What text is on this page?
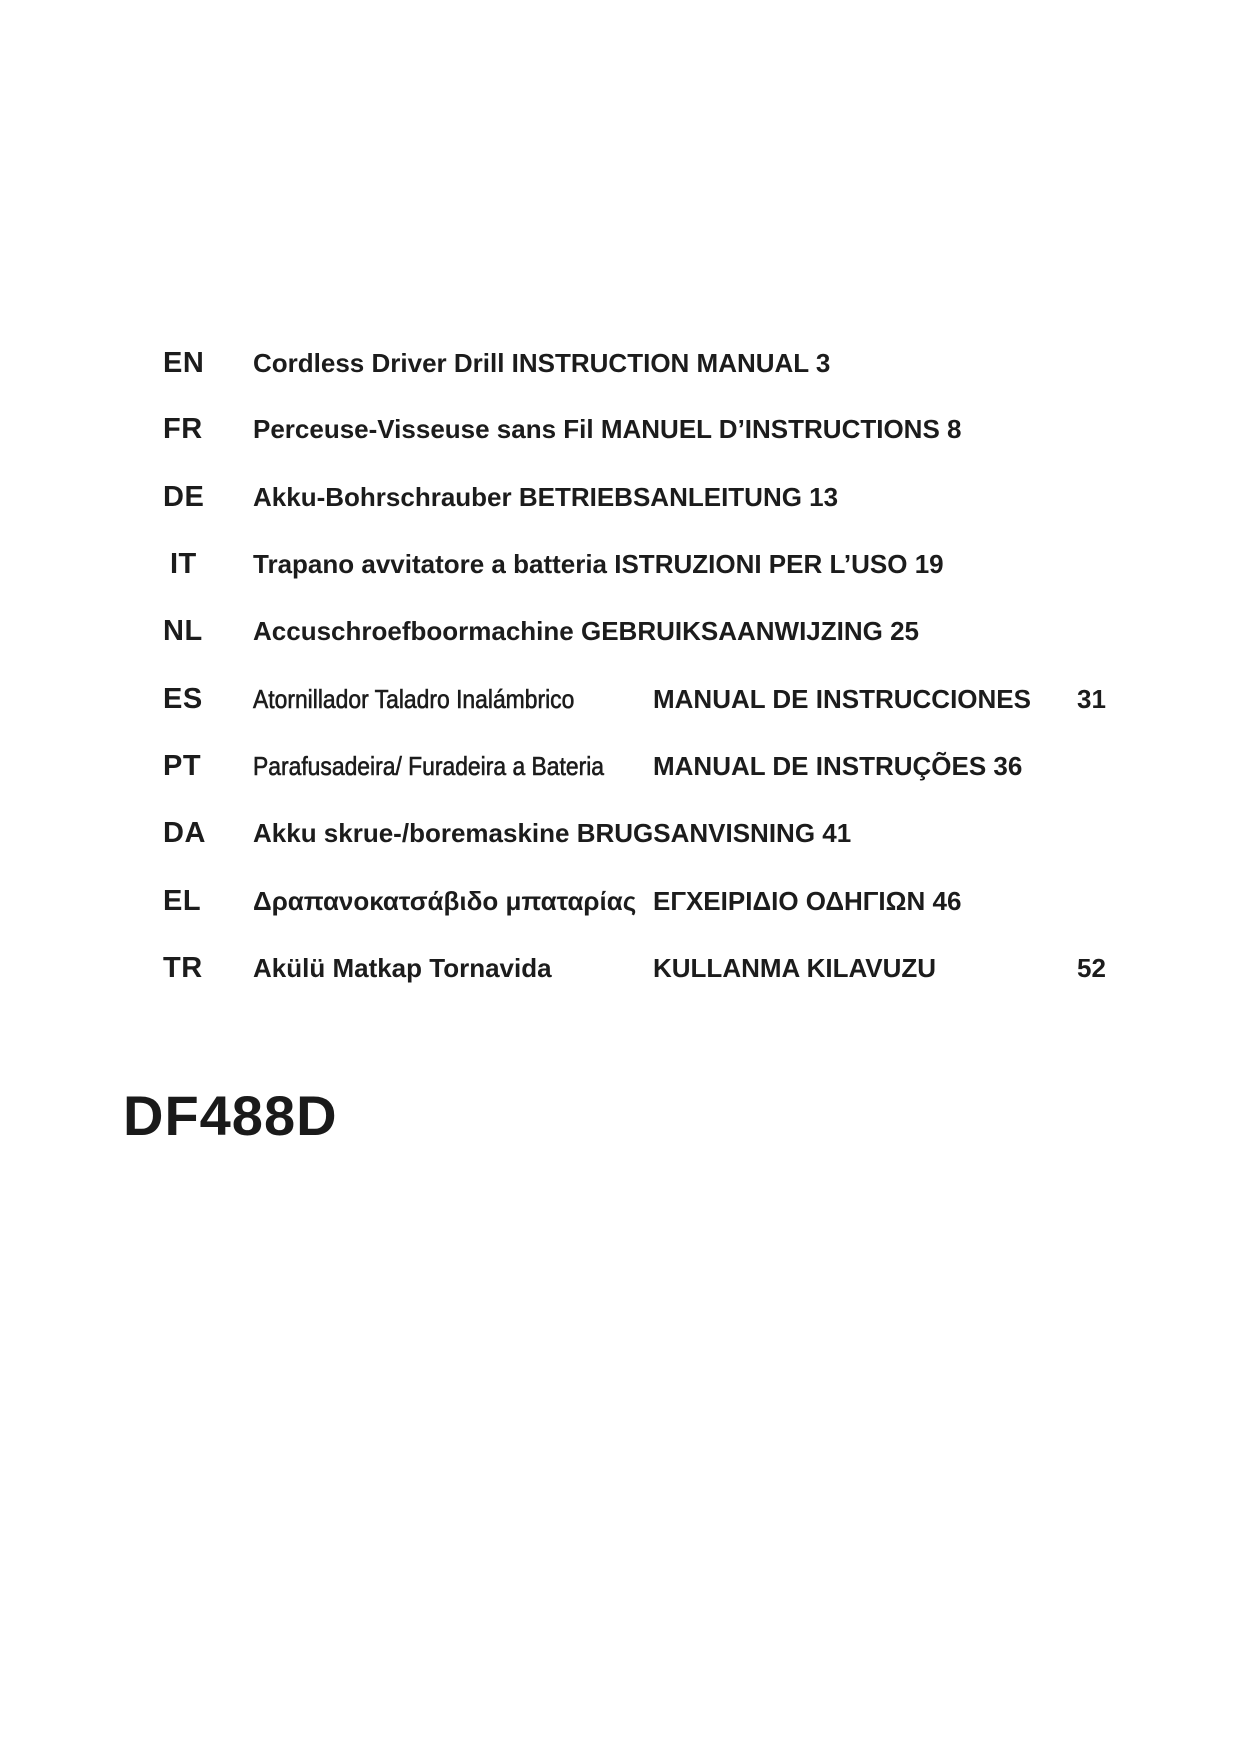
EN	Cordless Driver Drill INSTRUCTION MANUAL 3
FR	Perceuse-Visseuse sans Fil MANUEL D’INSTRUCTIONS 8
DE	Akku-Bohrschrauber BETRIEBSANLEITUNG 13
IT	Trapano avvitatore a batteria ISTRUZIONI PER L’USO 19
NL	Accuschroefboormachine GEBRUIKSAANWIJZING 25
ES	Atornillador Taladro Inalámbrico	MANUAL DE INSTRUCCIONES 31
PT	Parafusadeira/ Furadeira a Bateria MANUAL DE INSTRUÇÕES 36
DA	Akku skrue-/boremaskine BRUGSANVISNING 41
EL	Δραπανοκατσάβιδο μπαταρίας ΕΓΧΕΙΡΙΔΙΟ ΟΔΗΓΙΩΝ 46
TR	Akülü Matkap Tornavida	KULLANMA KILAVUZU	52
DF488D
